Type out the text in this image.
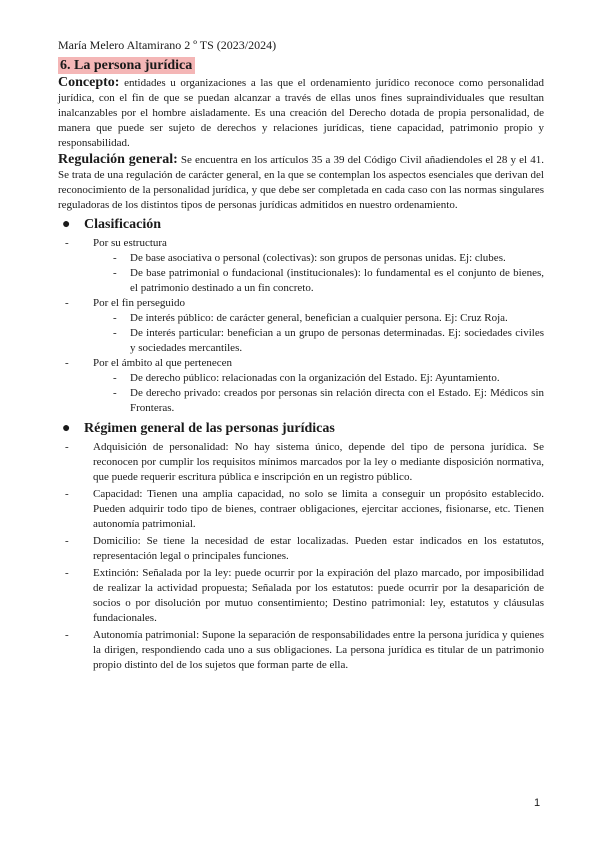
María Melero Altamirano 2 º TS (2023/2024)
6. La persona jurídica

Concepto: entidades u organizaciones a las que el ordenamiento jurídico reconoce como personalidad jurídica, con el fin de que se puedan alcanzar a través de ellas unos fines supraindividuales que resultan inalcanzables por el hombre aisladamente. Es una creación del Derecho dotada de propia personalidad, de manera que puede ser sujeto de derechos y relaciones jurídicas, tiene capacidad, patrimonio propio y responsabilidad.

Regulación general: Se encuentra en los artículos 35 a 39 del Código Civil añadiendoles el 28 y el 41. Se trata de una regulación de carácter general, en la que se contemplan los aspectos esenciales que derivan del reconocimiento de la personalidad jurídica, y que debe ser completada en cada caso con las normas singulares reguladoras de los distintos tipos de personas jurídicas admitidos en nuestro ordenamiento.

● Clasificación
- Por su estructura
- De base asociativa o personal (colectivas): son grupos de personas unidas. Ej: clubes.
- De base patrimonial o fundacional (institucionales): lo fundamental es el conjunto de bienes, el patrimonio destinado a un fin concreto.
- Por el fin perseguido
- De interés público: de carácter general, benefician a cualquier persona. Ej: Cruz Roja.
- De interés particular: benefician a un grupo de personas determinadas. Ej: sociedades civiles y sociedades mercantiles.
- Por el ámbito al que pertenecen
- De derecho público: relacionadas con la organización del Estado. Ej: Ayuntamiento.
- De derecho privado: creados por personas sin relación directa con el Estado. Ej: Médicos sin Fronteras.
● Régimen general de las personas jurídicas
- Adquisición de personalidad: No hay sistema único, depende del tipo de persona jurídica. Se reconocen por cumplir los requisitos mínimos marcados por la ley o mediante disposición normativa, que puede requerir escritura pública e inscripción en un registro público.
- Capacidad: Tienen una amplia capacidad, no solo se limita a conseguir un propósito establecido. Pueden adquirir todo tipo de bienes, contraer obligaciones, ejercitar acciones, fisionarse, etc. Tienen autonomía patrimonial.
- Domicilio: Se tiene la necesidad de estar localizadas. Pueden estar indicados en los estatutos, representación legal o principales funciones.
- Extinción: Señalada por la ley: puede ocurrir por la expiración del plazo marcado, por imposibilidad de realizar la actividad propuesta; Señalada por los estatutos: puede ocurrir por la desaparición de socios o por disolución por mutuo consentimiento; Destino patrimonial: ley, estatutos y cláusulas fundacionales.
- Autonomía patrimonial: Supone la separación de responsabilidades entre la persona jurídica y quienes la dirigen, respondiendo cada uno a sus obligaciones. La persona jurídica es titular de un patrimonio propio distinto del de los sujetos que forman parte de ella.
1
